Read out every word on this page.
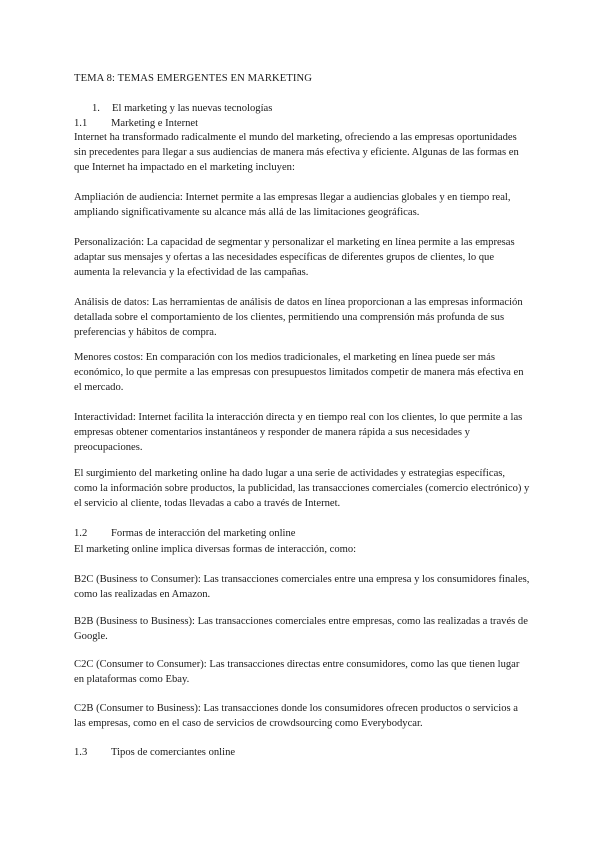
TEMA 8: TEMAS EMERGENTES EN MARKETING
1. El marketing y las nuevas tecnologías
1.1	Marketing e Internet

Internet ha transformado radicalmente el mundo del marketing, ofreciendo a las empresas oportunidades sin precedentes para llegar a sus audiencias de manera más efectiva y eficiente. Algunas de las formas en que Internet ha impactado en el marketing incluyen:

Ampliación de audiencia: Internet permite a las empresas llegar a audiencias globales y en tiempo real, ampliando significativamente su alcance más allá de las limitaciones geográficas.

Personalización: La capacidad de segmentar y personalizar el marketing en línea permite a las empresas adaptar sus mensajes y ofertas a las necesidades específicas de diferentes grupos de clientes, lo que aumenta la relevancia y la efectividad de las campañas.

Análisis de datos: Las herramientas de análisis de datos en línea proporcionan a las empresas información detallada sobre el comportamiento de los clientes, permitiendo una comprensión más profunda de sus preferencias y hábitos de compra.

Menores costos: En comparación con los medios tradicionales, el marketing en línea puede ser más económico, lo que permite a las empresas con presupuestos limitados competir de manera más efectiva en el mercado.

Interactividad: Internet facilita la interacción directa y en tiempo real con los clientes, lo que permite a las empresas obtener comentarios instantáneos y responder de manera rápida a sus necesidades y preocupaciones.

El surgimiento del marketing online ha dado lugar a una serie de actividades y estrategias específicas, como la información sobre productos, la publicidad, las transacciones comerciales (comercio electrónico) y el servicio al cliente, todas llevadas a cabo a través de Internet.

1.2	Formas de interacción del marketing online

El marketing online implica diversas formas de interacción, como:

B2C (Business to Consumer): Las transacciones comerciales entre una empresa y los consumidores finales, como las realizadas en Amazon.

B2B (Business to Business): Las transacciones comerciales entre empresas, como las realizadas a través de Google.

C2C (Consumer to Consumer): Las transacciones directas entre consumidores, como las que tienen lugar en plataformas como Ebay.

C2B (Consumer to Business): Las transacciones donde los consumidores ofrecen productos o servicios a las empresas, como en el caso de servicios de crowdsourcing como Everybodycar.

1.3	Tipos de comerciantes online
